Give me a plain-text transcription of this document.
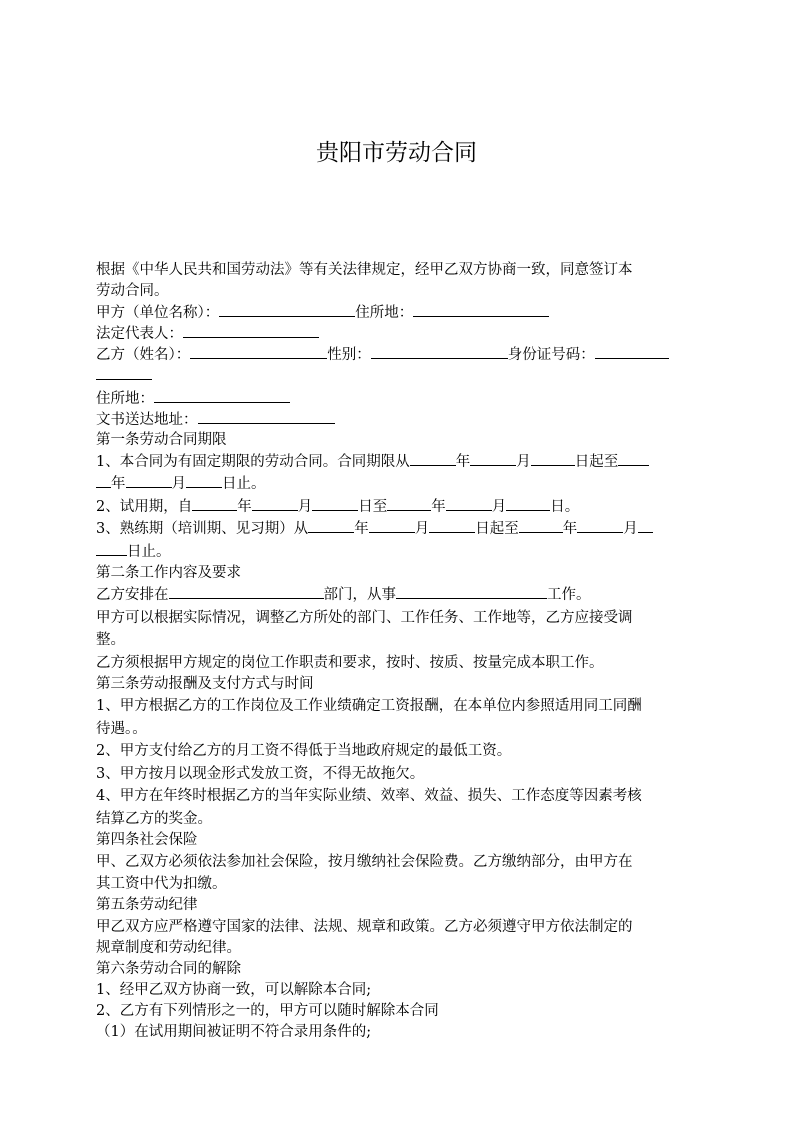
贵阳市劳动合同
根据《中华人民共和国劳动法》等有关法律规定，经甲乙双方协商一致，同意签订本
劳动合同。
甲方（单位名称）：	住所地：
法定代表人：
乙方（姓名）：	性别：	身份证号码：
住所地：
文书送达地址：
第一条劳动合同期限
1、本合同为有固定期限的劳动合同。合同期限从	年	月	日起至
年	月 日止。
2、试用期，自	年	月	日至	年	月	日。
3、熟练期（培训期、见习期）从	年	月	日起至	年	月
日止。
第二条工作内容及要求
乙方安排在	部门，从事	工作。
甲方可以根据实际情况，调整乙方所处的部门、工作任务、工作地等，乙方应接受调
整。
乙方须根据甲方规定的岗位工作职责和要求，按时、按质、按量完成本职工作。
第三条劳动报酬及支付方式与时间
1、甲方根据乙方的工作岗位及工作业绩确定工资报酬，在本单位内参照适用同工同酬
待遇。。
2、甲方支付给乙方的月工资不得低于当地政府规定的最低工资。
3、甲方按月以现金形式发放工资，不得无故拖欠。
4、甲方在年终时根据乙方的当年实际业绩、效率、效益、损失、工作态度等因素考核
结算乙方的奖金。
第四条社会保险
甲、乙双方必须依法参加社会保险，按月缴纳社会保险费。乙方缴纳部分，由甲方在
其工资中代为扣缴。
第五条劳动纪律
甲乙双方应严格遵守国家的法律、法规、规章和政策。乙方必须遵守甲方依法制定的
规章制度和劳动纪律。
第六条劳动合同的解除
1、经甲乙双方协商一致，可以解除本合同;
2、乙方有下列情形之一的，甲方可以随时解除本合同
（1）在试用期间被证明不符合录用条件的;
